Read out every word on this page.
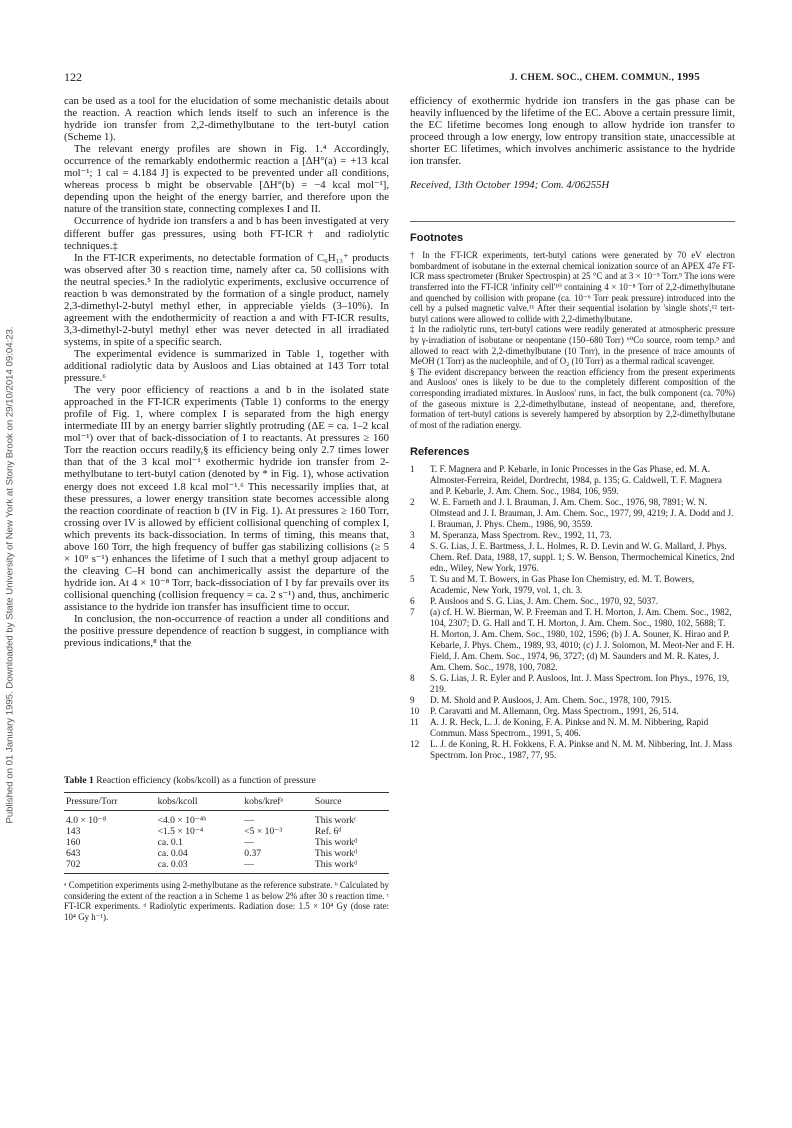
122	J. CHEM. SOC., CHEM. COMMUN., 1995
Published on 01 January 1995. Downloaded by State University of New York at Stony Brook on 29/10/2014 09:04:23.

can be used as a tool for the elucidation of some mechanistic details about the reaction. A reaction which lends itself to such an inference is the hydride ion transfer from 2,2-dimethylbutane to the tert-butyl cation (Scheme 1).

The relevant energy profiles are shown in Fig. 1.⁴ Accordingly, occurrence of the remarkably endothermic reaction a [ΔH°(a) = +13 kcal mol⁻¹; 1 cal = 4.184 J] is expected to be prevented under all conditions, whereas process b might be observable [ΔH°(b) = −4 kcal mol⁻¹], depending upon the height of the energy barrier, and therefore upon the nature of the transition state, connecting complexes I and II.

Occurrence of hydride ion transfers a and b has been investigated at very different buffer gas pressures, using both FT-ICR† and radiolytic techniques.‡

In the FT-ICR experiments, no detectable formation of C₆H₁₃⁺ products was observed after 30 s reaction time, namely after ca. 50 collisions with the neutral species.⁵ In the radiolytic experiments, exclusive occurrence of reaction b was demonstrated by the formation of a single product, namely 2,3-dimethyl-2-butyl methyl ether, in appreciable yields (3–10%). In agreement with the endothermicity of reaction a and with FT-ICR results, 3,3-dimethyl-2-butyl methyl ether was never detected in all irradiated systems, in spite of a specific search.

The experimental evidence is summarized in Table 1, together with additional radiolytic data by Ausloos and Lias obtained at 143 Torr total pressure.⁶

The very poor efficiency of reactions a and b in the isolated state approached in the FT-ICR experiments (Table 1) conforms to the energy profile of Fig. 1, where complex I is separated from the high energy intermediate III by an energy barrier slightly protruding (ΔE = ca. 1–2 kcal mol⁻¹) over that of back-dissociation of I to reactants. At pressures ≥ 160 Torr the reaction occurs readily,§ its efficiency being only 2.7 times lower than that of the 3 kcal mol⁻¹ exothermic hydride ion transfer from 2-methylbutane to tert-butyl cation (denoted by * in Fig. 1), whose activation energy does not exceed 1.8 kcal mol⁻¹.⁶ This necessarily implies that, at these pressures, a lower energy transition state becomes accessible along the reaction coordinate of reaction b (IV in Fig. 1). At pressures ≥ 160 Torr, crossing over IV is allowed by efficient collisional quenching of complex I, which prevents its back-dissociation. In terms of timing, this means that, above 160 Torr, the high frequency of buffer gas stabilizing collisions (≥ 5 × 10⁹ s⁻¹) enhances the lifetime of I such that a methyl group adjacent to the cleaving C–H bond can anchimerically assist the departure of the hydride ion. At 4 × 10⁻⁸ Torr, back-dissociation of I by far prevails over its collisional quenching (collision frequency = ca. 2 s⁻¹) and, thus, anchimeric assistance to the hydride ion transfer has insufficient time to occur.

In conclusion, the non-occurrence of reaction a under all conditions and the positive pressure dependence of reaction b suggest, in compliance with previous indications,⁸ that the

Table 1 Reaction efficiency (kobs/kcoll) as a function of pressure
Pressure/Torr	kobs/kcoll	kobs/krefᵃ	Source
4.0 × 10⁻⁸	<4.0 × 10⁻⁴ᵇ	—	This workᶜ
143	<1.5 × 10⁻⁴	<5 × 10⁻³	Ref. 6ᵈ
160	ca. 0.1	—	This workᵈ
643	ca. 0.04	0.37	This workᵈ
702	ca. 0.03	—	This workᵈ
ᵃ Competition experiments using 2-methylbutane as the reference substrate. ᵇ Calculated by considering the extent of the reaction a in Scheme 1 as below 2% after 30 s reaction time. ᶜ FT-ICR experiments. ᵈ Radiolytic experiments. Radiation dose: 1.5 × 10⁴ Gy (dose rate: 10⁴ Gy h⁻¹).

efficiency of exothermic hydride ion transfers in the gas phase can be heavily influenced by the lifetime of the EC. Above a certain pressure limit, the EC lifetime becomes long enough to allow hydride ion transfer to proceed through a low energy, low entropy transition state, unaccessible at shorter EC lifetimes, which involves anchimeric assistance to the hydride ion transfer.

Received, 13th October 1994; Com. 4/06255H
Footnotes

† In the FT-ICR experiments, tert-butyl cations were generated by 70 eV electron bombardment of isobutane in the external chemical ionization source of an APEX 47e FT-ICR mass spectrometer (Bruker Spectrospin) at 25 °C and at 3 × 10⁻⁵ Torr.⁹ The ions were transferred into the FT-ICR 'infinity cell'¹⁰ containing 4 × 10⁻⁸ Torr of 2,2-dimethylbutane and quenched by collision with propane (ca. 10⁻⁶ Torr peak pressure) introduced into the cell by a pulsed magnetic valve.¹¹ After their sequential isolation by 'single shots',¹² tert-butyl cations were allowed to collide with 2,2-dimethylbutane.

‡ In the radiolytic runs, tert-butyl cations were readily generated at atmospheric pressure by γ-irradiation of isobutane or neopentane (150–680 Torr) ⁶⁰Co source, room temp.⁹ and allowed to react with 2,2-dimethylbutane (10 Torr), in the presence of trace amounts of MeOH (1 Torr) as the nucleophile, and of O₂ (10 Torr) as a thermal radical scavenger.

§ The evident discrepancy between the reaction efficiency from the present experiments and Ausloos' ones is likely to be due to the completely different composition of the corresponding irradiated mixtures. In Ausloos' runs, in fact, the bulk component (ca. 70%) of the gaseous mixture is 2,2-dimethylbutane, instead of neopentane, and, therefore, formation of tert-butyl cations is severely hampered by absorption by 2,2-dimethylbutane of most of the radiation energy.

References
1	T. F. Magnera and P. Kebarle, in Ionic Processes in the Gas Phase, ed. M. A. Almoster-Ferreira, Reidel, Dordrecht, 1984, p. 135; G. Caldwell, T. F. Magnera and P. Kebarle, J. Am. Chem. Soc., 1984, 106, 959.
2	W. E. Farneth and J. I. Brauman, J. Am. Chem. Soc., 1976, 98, 7891; W. N. Olmstead and J. I. Brauman, J. Am. Chem. Soc., 1977, 99, 4219; J. A. Dodd and J. I. Brauman, J. Phys. Chem., 1986, 90, 3559.
3	M. Speranza, Mass Spectrom. Rev., 1992, 11, 73.
4	S. G. Lias, J. E. Bartmess, J. L. Holmes, R. D. Levin and W. G. Mallard, J. Phys. Chem. Ref. Data, 1988, 17, suppl. 1; S. W. Benson, Thermochemical Kinetics, 2nd edn., Wiley, New York, 1976.
5	T. Su and M. T. Bowers, in Gas Phase Ion Chemistry, ed. M. T. Bowers, Academic, New York, 1979, vol. 1, ch. 3.
6	P. Ausloos and S. G. Lias, J. Am. Chem. Soc., 1970, 92, 5037.
7	(a) cf. H. W. Bierman, W. P. Freeman and T. H. Morton, J. Am. Chem. Soc., 1982, 104, 2307; D. G. Hall and T. H. Morton, J. Am. Chem. Soc., 1980, 102, 5688; T. H. Morton, J. Am. Chem. Soc., 1980, 102, 1596; (b) J. A. Souner, K. Hirao and P. Kebarle, J. Phys. Chem., 1989, 93, 4010; (c) J. J. Solomon, M. Meot-Ner and F. H. Field, J. Am. Chem. Soc., 1974, 96, 3727; (d) M. Saunders and M. R. Kates, J. Am. Chem. Soc., 1978, 100, 7082.
8	S. G. Lias, J. R. Eyler and P. Ausloos, Int. J. Mass Spectrom. Ion Phys., 1976, 19, 219.
9	D. M. Shold and P. Ausloos, J. Am. Chem. Soc., 1978, 100, 7915.
10	P. Caravatti and M. Allemann, Org. Mass Spectrom., 1991, 26, 514.
11	A. J. R. Heck, L. J. de Koning, F. A. Pinkse and N. M. M. Nibbering, Rapid Commun. Mass Spectrom., 1991, 5, 406.
12	L. J. de Koning, R. H. Fokkens, F. A. Pinkse and N. M. M. Nibbering, Int. J. Mass Spectrom. Ion Proc., 1987, 77, 95.
